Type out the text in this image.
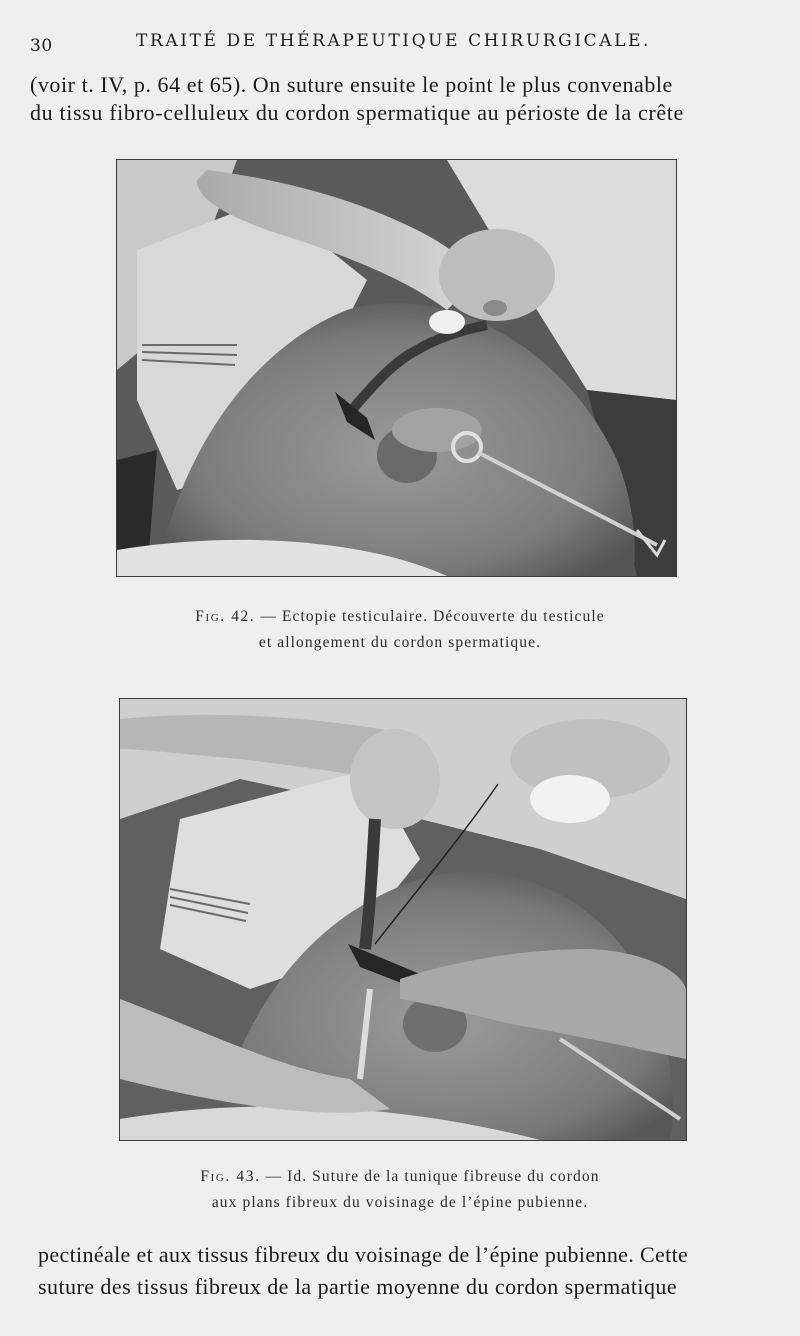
30	TRAITÉ DE THÉRAPEUTIQUE CHIRURGICALE.
(voir t. IV, p. 64 et 65). On suture ensuite le point le plus convenable
du tissu fibro-celluleux du cordon spermatique au périoste de la crête
Fig. 42. — Ectopie testiculaire. Découverte du testicule
et allongement du cordon spermatique.
Fig. 43. — Id. Suture de la tunique fibreuse du cordon
aux plans fibreux du voisinage de l’épine pubienne.
pectinéale et aux tissus fibreux du voisinage de l’épine pubienne. Cette
suture des tissus fibreux de la partie moyenne du cordon spermatique
